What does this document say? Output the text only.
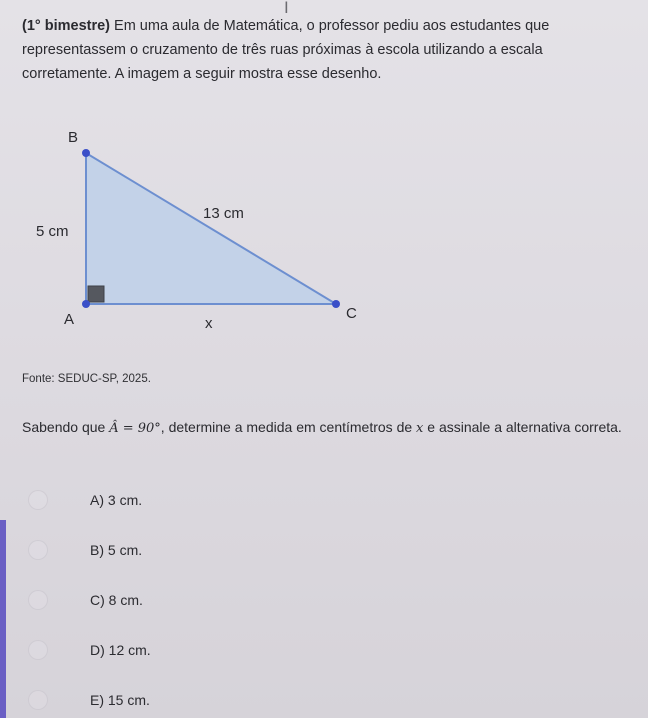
I
(1° bimestre) Em uma aula de Matemática, o professor pediu aos estudantes que representassem o cruzamento de três ruas próximas à escola utilizando a escala corretamente. A imagem a seguir mostra esse desenho.
B
A	C
5 cm
13 cm
x
Fonte: SEDUC-SP, 2025.
Sabendo que Â = 90°, determine a medida em centímetros de x e assinale a alternativa correta.
A) 3 cm.
B) 5 cm.
C) 8 cm.
D) 12 cm.
E) 15 cm.
